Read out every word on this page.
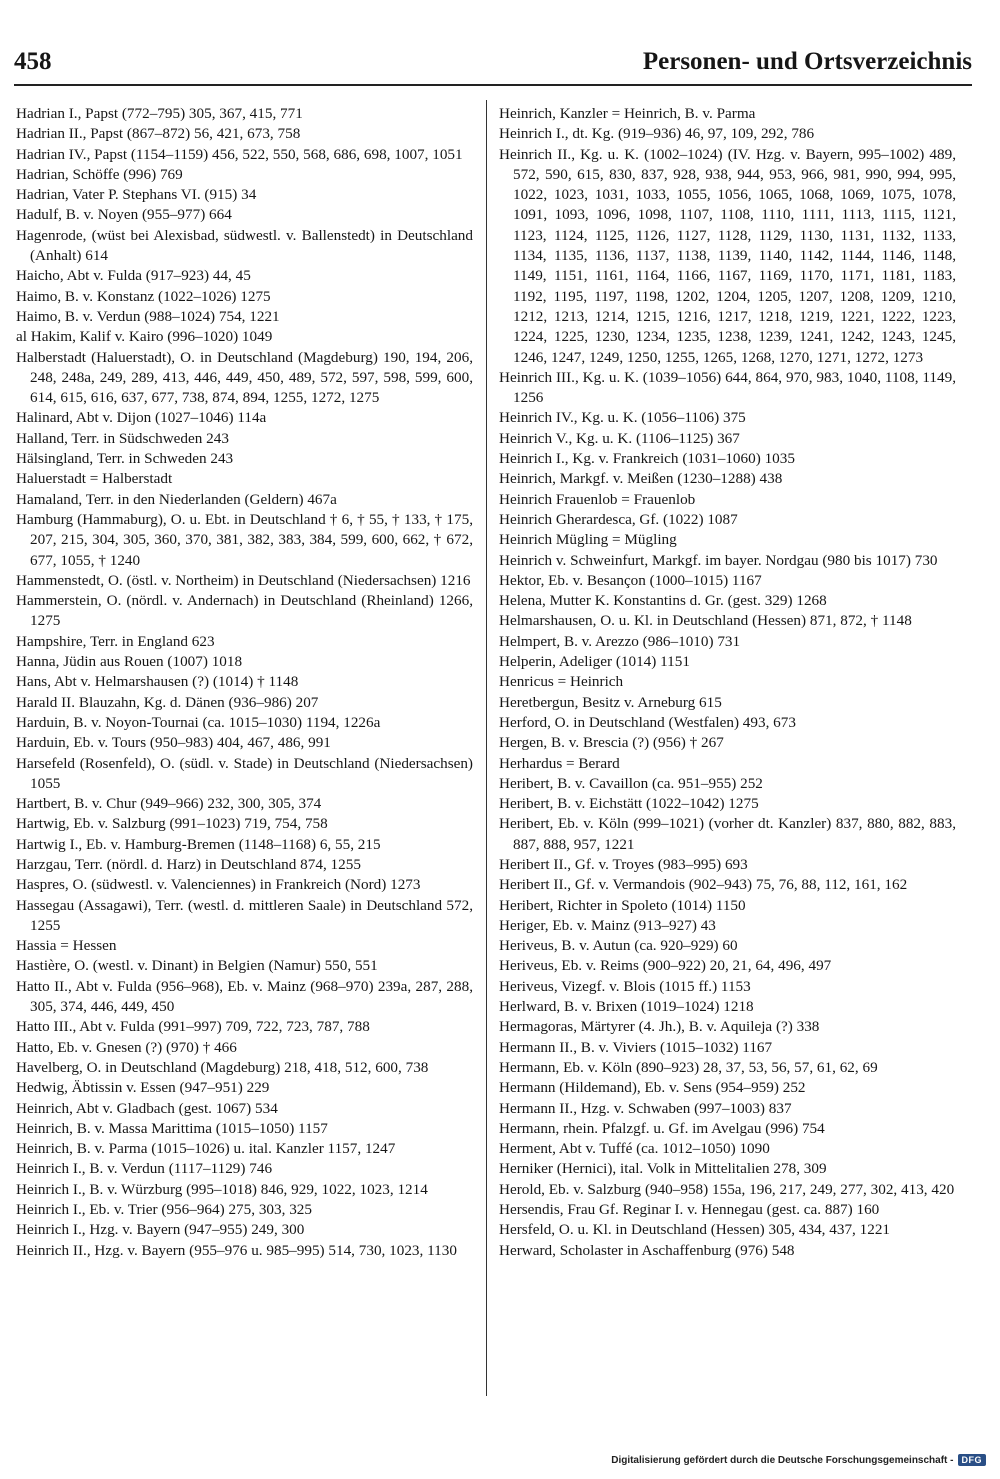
458	Personen- und Ortsverzeichnis
Hadrian I., Papst (772–795) 305, 367, 415, 771
Hadrian II., Papst (867–872) 56, 421, 673, 758
Hadrian IV., Papst (1154–1159) 456, 522, 550, 568, 686, 698, 1007, 1051
Hadrian, Schöffe (996) 769
Hadrian, Vater P. Stephans VI. (915) 34
Hadulf, B. v. Noyen (955–977) 664
Hagenrode, (wüst bei Alexisbad, südwestl. v. Ballenstedt) in Deutschland (Anhalt) 614
Haicho, Abt v. Fulda (917–923) 44, 45
Haimo, B. v. Konstanz (1022–1026) 1275
Haimo, B. v. Verdun (988–1024) 754, 1221
al Hakim, Kalif v. Kairo (996–1020) 1049
Halberstadt (Haluerstadt), O. in Deutschland (Magdeburg) 190, 194, 206, 248, 248a, 249, 289, 413, 446, 449, 450, 489, 572, 597, 598, 599, 600, 614, 615, 616, 637, 677, 738, 874, 894, 1255, 1272, 1275
Halinard, Abt v. Dijon (1027–1046) 114a
Halland, Terr. in Südschweden 243
Hälsingland, Terr. in Schweden 243
Haluerstadt = Halberstadt
Hamaland, Terr. in den Niederlanden (Geldern) 467a
Hamburg (Hammaburg), O. u. Ebt. in Deutschland † 6, † 55, † 133, † 175, 207, 215, 304, 305, 360, 370, 381, 382, 383, 384, 599, 600, 662, † 672, 677, 1055, † 1240
Hammenstedt, O. (östl. v. Northeim) in Deutschland (Niedersachsen) 1216
Hammerstein, O. (nördl. v. Andernach) in Deutschland (Rheinland) 1266, 1275
Hampshire, Terr. in England 623
Hanna, Jüdin aus Rouen (1007) 1018
Hans, Abt v. Helmarshausen (?) (1014) † 1148
Harald II. Blauzahn, Kg. d. Dänen (936–986) 207
Harduin, B. v. Noyon-Tournai (ca. 1015–1030) 1194, 1226a
Harduin, Eb. v. Tours (950–983) 404, 467, 486, 991
Harsefeld (Rosenfeld), O. (südl. v. Stade) in Deutschland (Niedersachsen) 1055
Hartbert, B. v. Chur (949–966) 232, 300, 305, 374
Hartwig, Eb. v. Salzburg (991–1023) 719, 754, 758
Hartwig I., Eb. v. Hamburg-Bremen (1148–1168) 6, 55, 215
Harzgau, Terr. (nördl. d. Harz) in Deutschland 874, 1255
Haspres, O. (südwestl. v. Valenciennes) in Frankreich (Nord) 1273
Hassegau (Assagawi), Terr. (westl. d. mittleren Saale) in Deutschland 572, 1255
Hassia = Hessen
Hastière, O. (westl. v. Dinant) in Belgien (Namur) 550, 551
Hatto II., Abt v. Fulda (956–968), Eb. v. Mainz (968–970) 239a, 287, 288, 305, 374, 446, 449, 450
Hatto III., Abt v. Fulda (991–997) 709, 722, 723, 787, 788
Hatto, Eb. v. Gnesen (?) (970) † 466
Havelberg, O. in Deutschland (Magdeburg) 218, 418, 512, 600, 738
Hedwig, Äbtissin v. Essen (947–951) 229
Heinrich, Abt v. Gladbach (gest. 1067) 534
Heinrich, B. v. Massa Marittima (1015–1050) 1157
Heinrich, B. v. Parma (1015–1026) u. ital. Kanzler 1157, 1247
Heinrich I., B. v. Verdun (1117–1129) 746
Heinrich I., B. v. Würzburg (995–1018) 846, 929, 1022, 1023, 1214
Heinrich I., Eb. v. Trier (956–964) 275, 303, 325
Heinrich I., Hzg. v. Bayern (947–955) 249, 300
Heinrich II., Hzg. v. Bayern (955–976 u. 985–995) 514, 730, 1023, 1130
Heinrich, Kanzler = Heinrich, B. v. Parma
Heinrich I., dt. Kg. (919–936) 46, 97, 109, 292, 786
Heinrich II., Kg. u. K. (1002–1024) (IV. Hzg. v. Bayern, 995–1002) 489, 572, 590, 615, 830, 837, 928, 938, 944, 953, 966, 981, 990, 994, 995, 1022, 1023, 1031, 1033, 1055, 1056, 1065, 1068, 1069, 1075, 1078, 1091, 1093, 1096, 1098, 1107, 1108, 1110, 1111, 1113, 1115, 1121, 1123, 1124, 1125, 1126, 1127, 1128, 1129, 1130, 1131, 1132, 1133, 1134, 1135, 1136, 1137, 1138, 1139, 1140, 1142, 1144, 1146, 1148, 1149, 1151, 1161, 1164, 1166, 1167, 1169, 1170, 1171, 1181, 1183, 1192, 1195, 1197, 1198, 1202, 1204, 1205, 1207, 1208, 1209, 1210, 1212, 1213, 1214, 1215, 1216, 1217, 1218, 1219, 1221, 1222, 1223, 1224, 1225, 1230, 1234, 1235, 1238, 1239, 1241, 1242, 1243, 1245, 1246, 1247, 1249, 1250, 1255, 1265, 1268, 1270, 1271, 1272, 1273
Heinrich III., Kg. u. K. (1039–1056) 644, 864, 970, 983, 1040, 1108, 1149, 1256
Heinrich IV., Kg. u. K. (1056–1106) 375
Heinrich V., Kg. u. K. (1106–1125) 367
Heinrich I., Kg. v. Frankreich (1031–1060) 1035
Heinrich, Markgf. v. Meißen (1230–1288) 438
Heinrich Frauenlob = Frauenlob
Heinrich Gherardesca, Gf. (1022) 1087
Heinrich Mügling = Mügling
Heinrich v. Schweinfurt, Markgf. im bayer. Nordgau (980 bis 1017) 730
Hektor, Eb. v. Besançon (1000–1015) 1167
Helena, Mutter K. Konstantins d. Gr. (gest. 329) 1268
Helmarshausen, O. u. Kl. in Deutschland (Hessen) 871, 872, † 1148
Helmpert, B. v. Arezzo (986–1010) 731
Helperin, Adeliger (1014) 1151
Henricus = Heinrich
Heretbergun, Besitz v. Arneburg 615
Herford, O. in Deutschland (Westfalen) 493, 673
Hergen, B. v. Brescia (?) (956) † 267
Herhardus = Berard
Heribert, B. v. Cavaillon (ca. 951–955) 252
Heribert, B. v. Eichstätt (1022–1042) 1275
Heribert, Eb. v. Köln (999–1021) (vorher dt. Kanzler) 837, 880, 882, 883, 887, 888, 957, 1221
Heribert II., Gf. v. Troyes (983–995) 693
Heribert II., Gf. v. Vermandois (902–943) 75, 76, 88, 112, 161, 162
Heribert, Richter in Spoleto (1014) 1150
Heriger, Eb. v. Mainz (913–927) 43
Heriveus, B. v. Autun (ca. 920–929) 60
Heriveus, Eb. v. Reims (900–922) 20, 21, 64, 496, 497
Heriveus, Vizegf. v. Blois (1015 ff.) 1153
Herlward, B. v. Brixen (1019–1024) 1218
Hermagoras, Märtyrer (4. Jh.), B. v. Aquileja (?) 338
Hermann II., B. v. Viviers (1015–1032) 1167
Hermann, Eb. v. Köln (890–923) 28, 37, 53, 56, 57, 61, 62, 69
Hermann (Hildemand), Eb. v. Sens (954–959) 252
Hermann II., Hzg. v. Schwaben (997–1003) 837
Hermann, rhein. Pfalzgf. u. Gf. im Avelgau (996) 754
Herment, Abt v. Tuffé (ca. 1012–1050) 1090
Herniker (Hernici), ital. Volk in Mittelitalien 278, 309
Herold, Eb. v. Salzburg (940–958) 155a, 196, 217, 249, 277, 302, 413, 420
Hersendis, Frau Gf. Reginar I. v. Hennegau (gest. ca. 887) 160
Hersfeld, O. u. Kl. in Deutschland (Hessen) 305, 434, 437, 1221
Herward, Scholaster in Aschaffenburg (976) 548
Digitalisierung gefördert durch die Deutsche Forschungsgemeinschaft - DFG
